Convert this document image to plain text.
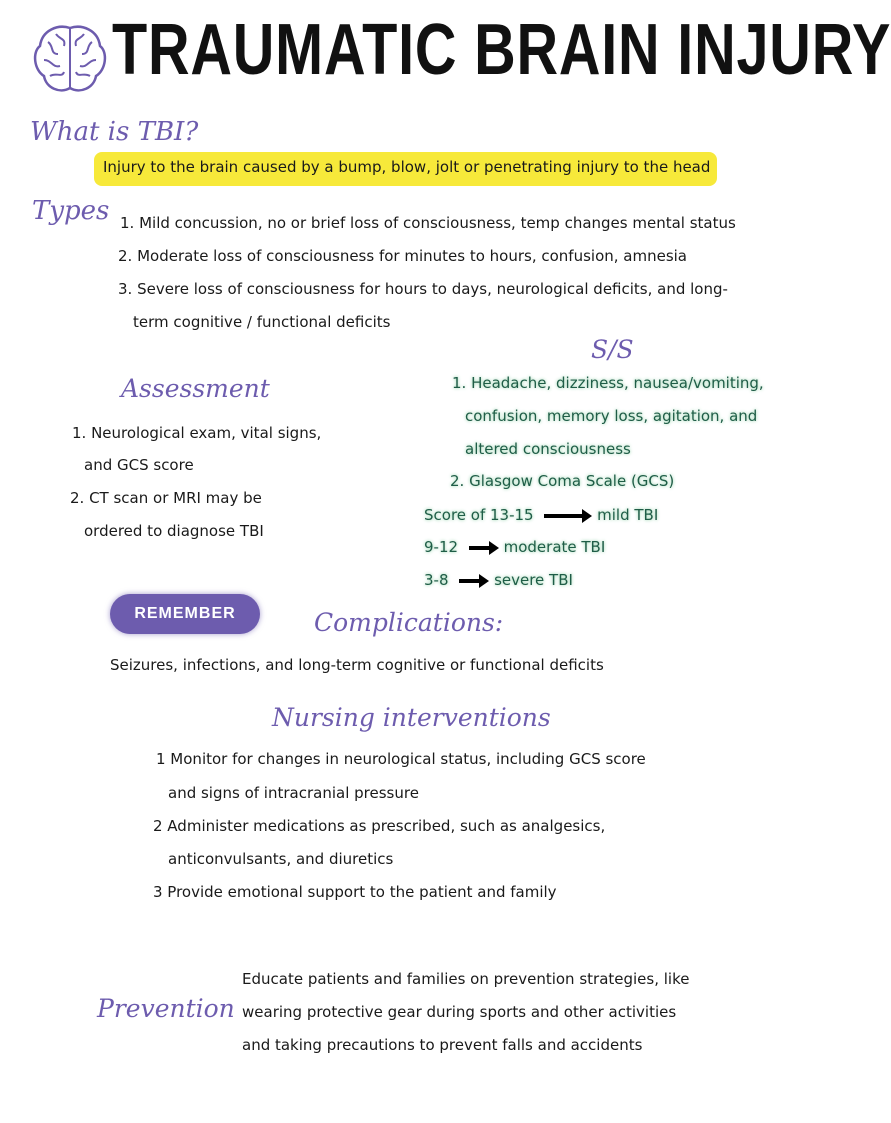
TRAUMATIC BRAIN INJURY
What is TBI?
Injury to the brain caused by a bump, blow, jolt or penetrating injury to the head
Types 1. Mild concussion, no or brief loss of consciousness, temp changes mental status
2. Moderate loss of consciousness for minutes to hours, confusion, amnesia
3. Severe loss of consciousness for hours to days, neurological deficits, and long-
term cognitive / functional deficits
S/S
1. Headache, dizziness, nausea/vomiting,
confusion, memory loss, agitation, and
altered consciousness
2. Glasgow Coma Scale (GCS)
Score of 13-15	mild TBI
9-12	moderate TBI
3-8	severe TBI
Assessment
1. Neurological exam, vital signs,
and GCS score
2. CT scan or MRI may be
ordered to diagnose TBI
REMEMBER	Complications:
Seizures, infections, and long-term cognitive or functional deficits
Nursing interventions
1 Monitor for changes in neurological status, including GCS score
and signs of intracranial pressure
2 Administer medications as prescribed, such as analgesics,
anticonvulsants, and diuretics
3 Provide emotional support to the patient and family
Prevention
Educate patients and families on prevention strategies, like
wearing protective gear during sports and other activities
and taking precautions to prevent falls and accidents
